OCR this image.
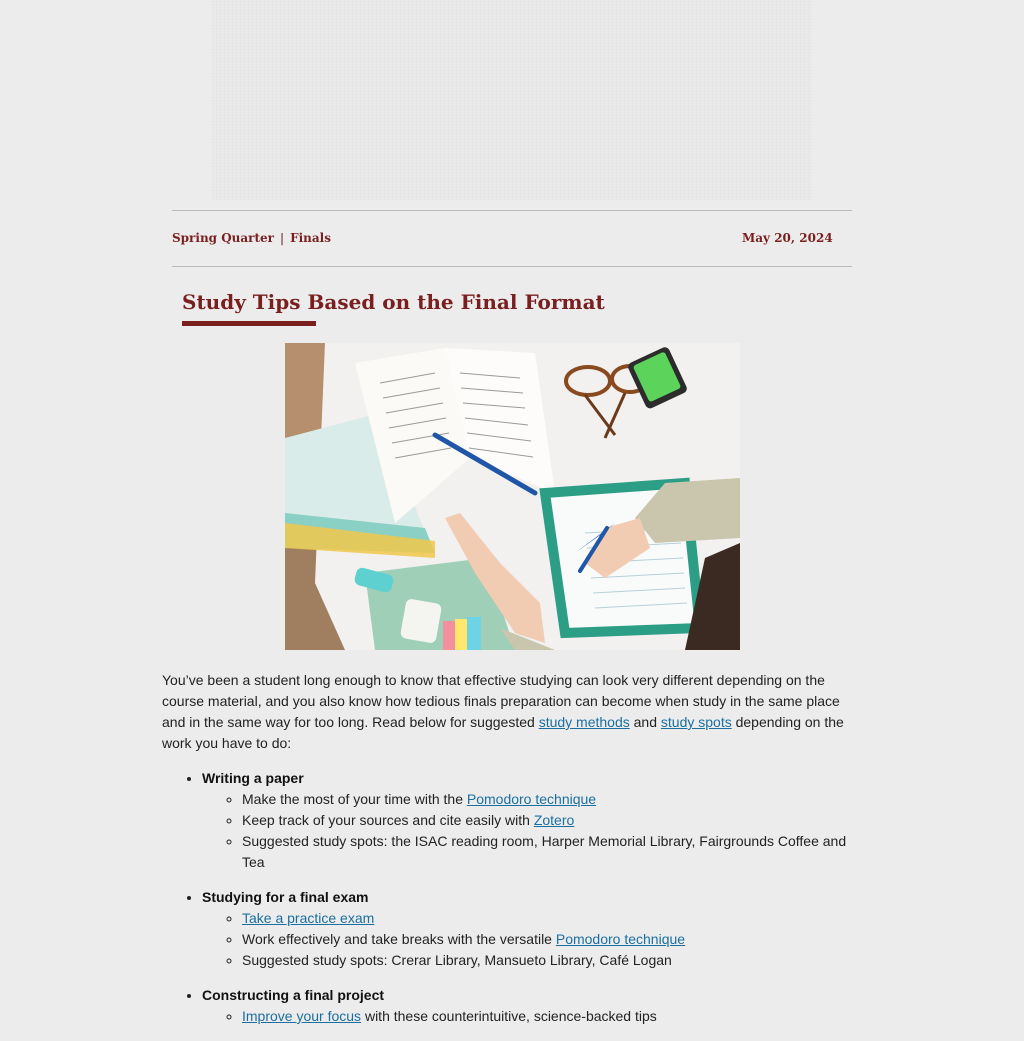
Spring Quarter | Finals	May 20, 2024
Study Tips Based on the Final Format

You’ve been a student long enough to know that effective studying can look very different depending on the course material, and you also know how tedious finals preparation can become when study in the same place and in the same way for too long. Read below for suggested study methods and study spots depending on the work you have to do:

• Writing a paper
◦ Make the most of your time with the Pomodoro technique
◦ Keep track of your sources and cite easily with Zotero
◦ Suggested study spots: the ISAC reading room, Harper Memorial Library, Fairgrounds Coffee and Tea
• Studying for a final exam
◦ Take a practice exam
◦ Work effectively and take breaks with the versatile Pomodoro technique
◦ Suggested study spots: Crerar Library, Mansueto Library, Café Logan
• Constructing a final project
◦ Improve your focus with these counterintuitive, science-backed tips
